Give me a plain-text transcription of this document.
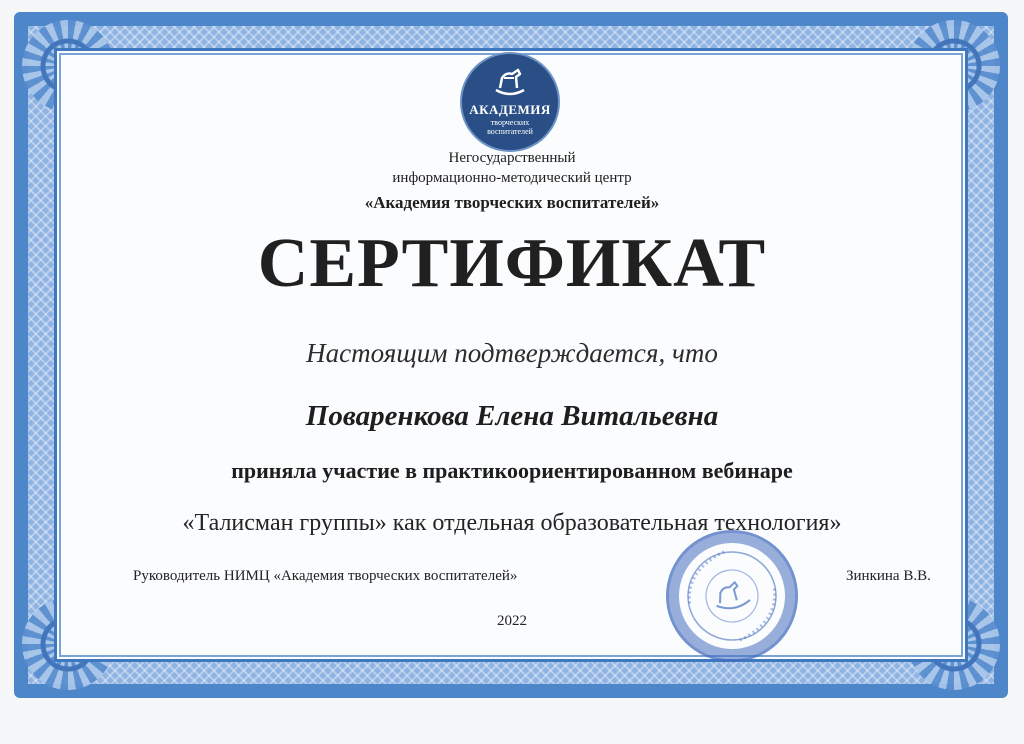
АКАДЕМИЯ
творческих
воспитателей
Негосударственный
информационно-методический центр
«Академия творческих воспитателей»
СЕРТИФИКАТ
Настоящим подтверждается, что
Поваренкова Елена Витальевна
приняла участие в практикоориентированном вебинаре
«Талисман группы» как отдельная образовательная технология»
Руководитель НИМЦ «Академия творческих воспитателей»	Зинкина В.В.
2022
